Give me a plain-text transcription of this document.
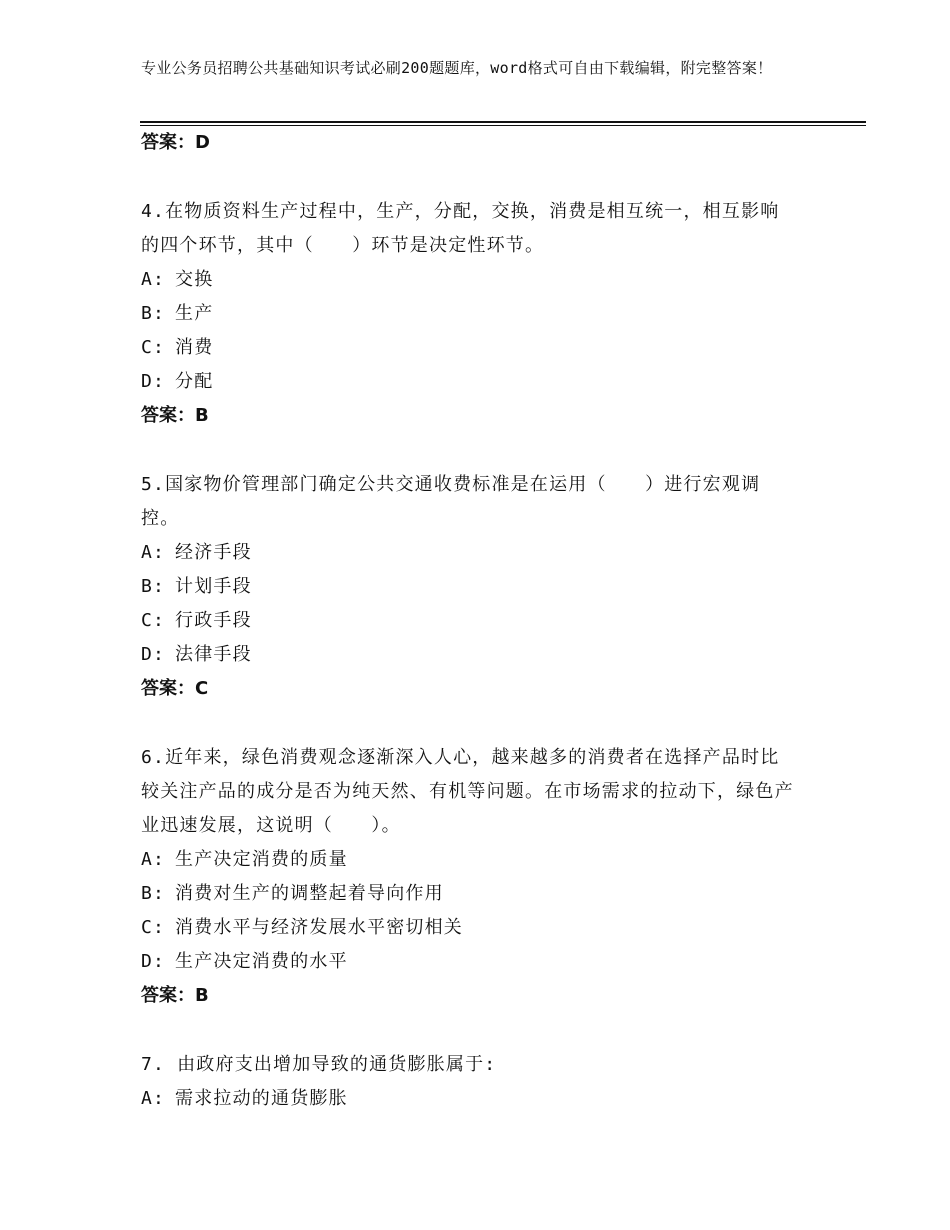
专业公务员招聘公共基础知识考试必刷200题题库，word格式可自由下载编辑，附完整答案！
答案：D
4.在物质资料生产过程中，生产，分配，交换，消费是相互统一，相互影响的四个环节，其中（　　）环节是决定性环节。
A: 交换
B: 生产
C: 消费
D: 分配
答案：B
5.国家物价管理部门确定公共交通收费标准是在运用（　　）进行宏观调控。
A: 经济手段
B: 计划手段
C: 行政手段
D: 法律手段
答案：C
6.近年来，绿色消费观念逐渐深入人心，越来越多的消费者在选择产品时比较关注产品的成分是否为纯天然、有机等问题。在市场需求的拉动下，绿色产业迅速发展，这说明（　　）。
A: 生产决定消费的质量
B: 消费对生产的调整起着导向作用
C: 消费水平与经济发展水平密切相关
D: 生产决定消费的水平
答案：B
7. 由政府支出增加导致的通货膨胀属于:
A: 需求拉动的通货膨胀
